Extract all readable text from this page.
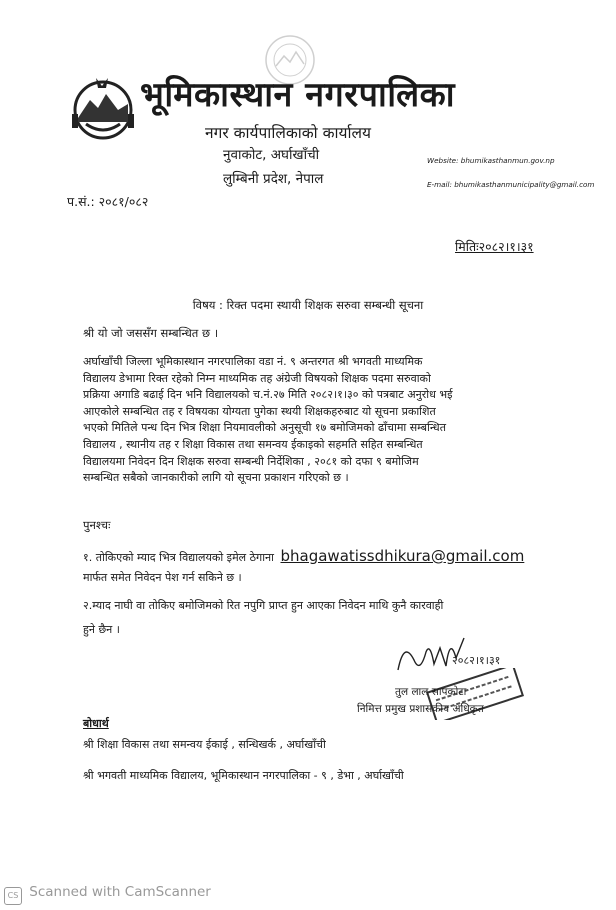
भूमिकास्थान नगरपालिका
नगर कार्यपालिकाको कार्यालय
नुवाकोट, अर्घाखाँची
लुम्बिनी प्रदेश, नेपाल
Website: bhumikasthanmun.gov.np
E-mail: bhumikasthanmunicipality@gmail.com
प.सं.: २०८१/०८२
मितिः२०८२।१।३१
विषय : रिक्त पदमा स्थायी शिक्षक सरुवा सम्बन्धी सूचना
श्री यो जो जससँग सम्बन्धित छ ।
अर्घाखाँची जिल्ला भूमिकास्थान नगरपालिका वडा नं. ९ अन्तरगत श्री भगवती माध्यमिक
विद्यालय डेभामा रिक्त रहेको निम्न माध्यमिक तह अंग्रेजी विषयको शिक्षक पदमा सरुवाको
प्रक्रिया अगाडि बढाई दिन भनि विद्यालयको च.नं.२७ मिति २०८२।१।३० को पत्रबाट अनुरोध भई
आएकोले सम्बन्धित तह र विषयका योग्यता पुगेका स्थयी शिक्षकहरुबाट यो सूचना प्रकाशित
भएको मितिले पन्ध दिन भित्र शिक्षा नियमावलीको अनुसूची १७ बमोजिमको ढाँचामा सम्बन्धित
विद्यालय , स्थानीय तह र शिक्षा विकास तथा समन्वय ईकाइको सहमति सहित सम्बन्धित
विद्यालयमा निवेदन दिन शिक्षक सरुवा सम्बन्धी निर्देशिका , २०८१ को दफा ९ बमोजिम
सम्बन्धित सबैको जानकारीको लागि यो सूचना प्रकाशन गरिएको छ ।
पुनश्चः
१. तोकिएको म्याद भित्र विद्यालयको इमेल ठेगाना bhagawatissdhikura@gmail.com
मार्फत समेत निवेदन पेश गर्न सकिने छ ।
२.म्याद नाघी वा तोकिए बमोजिमको रित नपुगि प्राप्त हुन आएका निवेदन माथि कुनै कारवाही
हुने छैन ।
२०८२।१।३१
तुल लाल सापकोटा
निमित्त प्रमुख प्रशासकीय अधिकृत
बोधार्थ
श्री शिक्षा विकास तथा समन्वय ईकाई , सन्धिखर्क , अर्घाखाँची
श्री भगवती माध्यमिक विद्यालय, भूमिकास्थान नगरपालिका - ९ , डेभा , अर्घाखाँची
CS Scanned with CamScanner
